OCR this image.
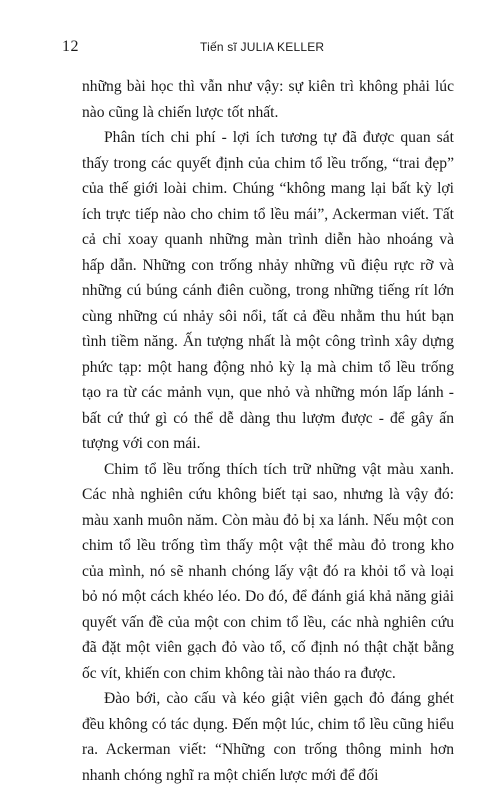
12	Tiến sĩ JULIA KELLER

những bài học thì vẫn như vậy: sự kiên trì không phải lúc nào cũng là chiến lược tốt nhất.

Phân tích chi phí - lợi ích tương tự đã được quan sát thấy trong các quyết định của chim tổ lều trống, “trai đẹp” của thế giới loài chim. Chúng “không mang lại bất kỳ lợi ích trực tiếp nào cho chim tổ lều mái”, Ackerman viết. Tất cả chỉ xoay quanh những màn trình diễn hào nhoáng và hấp dẫn. Những con trống nhảy những vũ điệu rực rỡ và những cú búng cánh điên cuồng, trong những tiếng rít lớn cùng những cú nhảy sôi nổi, tất cả đều nhằm thu hút bạn tình tiềm năng. Ấn tượng nhất là một công trình xây dựng phức tạp: một hang động nhỏ kỳ lạ mà chim tổ lều trống tạo ra từ các mảnh vụn, que nhỏ và những món lấp lánh - bất cứ thứ gì có thể dễ dàng thu lượm được - để gây ấn tượng với con mái.

Chim tổ lều trống thích tích trữ những vật màu xanh. Các nhà nghiên cứu không biết tại sao, nhưng là vậy đó: màu xanh muôn năm. Còn màu đỏ bị xa lánh. Nếu một con chim tổ lều trống tìm thấy một vật thể màu đỏ trong kho của mình, nó sẽ nhanh chóng lấy vật đó ra khỏi tổ và loại bỏ nó một cách khéo léo. Do đó, để đánh giá khả năng giải quyết vấn đề của một con chim tổ lều, các nhà nghiên cứu đã đặt một viên gạch đỏ vào tổ, cố định nó thật chặt bằng ốc vít, khiến con chim không tài nào tháo ra được.

Đào bới, cào cấu và kéo giật viên gạch đỏ đáng ghét đều không có tác dụng. Đến một lúc, chim tổ lều cũng hiểu ra. Ackerman viết: “Những con trống thông minh hơn nhanh chóng nghĩ ra một chiến lược mới để đối
